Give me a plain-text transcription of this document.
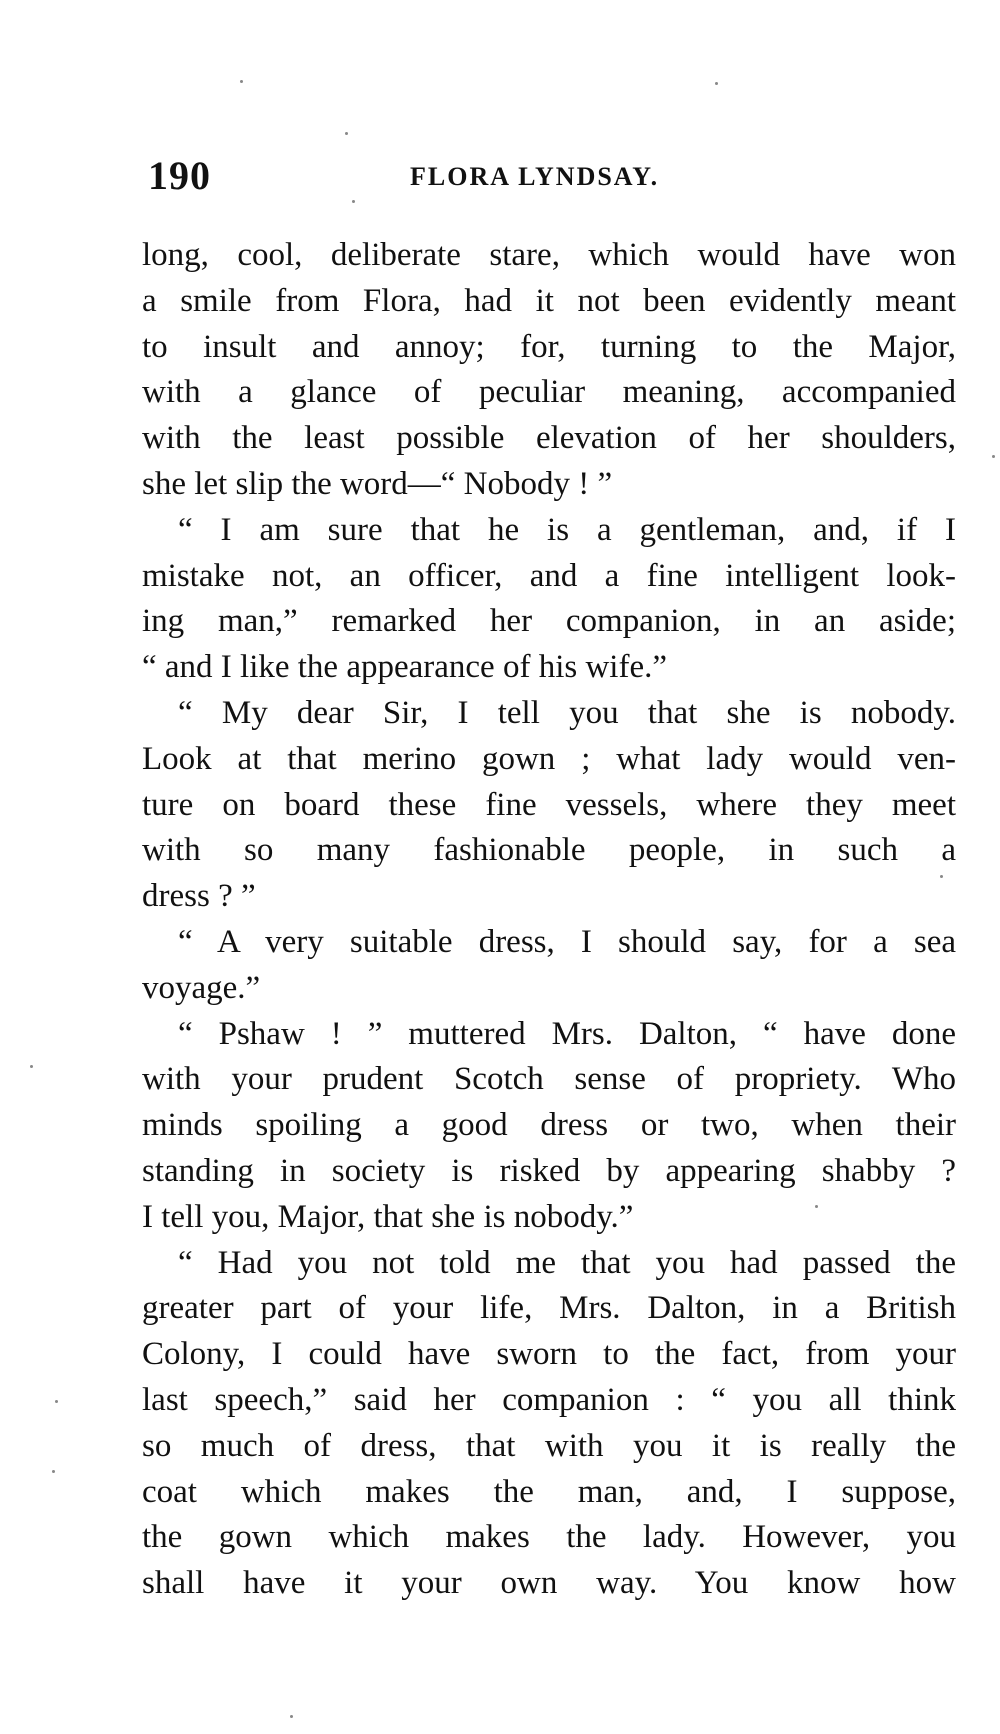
190	FLORA LYNDSAY.
long, cool, deliberate stare, which would have won
a smile from Flora, had it not been evidently meant
to insult and annoy; for, turning to the Major,
with a glance of peculiar meaning, accompanied
with the least possible elevation of her shoulders,
she let slip the word—“ Nobody ! ”
“ I am sure that he is a gentleman, and, if I
mistake not, an officer, and a fine intelligent look-
ing man,” remarked her companion, in an aside;
“ and I like the appearance of his wife.”
“ My dear Sir, I tell you that she is nobody.
Look at that merino gown ; what lady would ven-
ture on board these fine vessels, where they meet
with so many fashionable people, in such a
dress ? ”
“ A very suitable dress, I should say, for a sea
voyage.”
“ Pshaw ! ” muttered Mrs. Dalton, “ have done
with your prudent Scotch sense of propriety. Who
minds spoiling a good dress or two, when their
standing in society is risked by appearing shabby ?
I tell you, Major, that she is nobody.”
“ Had you not told me that you had passed the
greater part of your life, Mrs. Dalton, in a British
Colony, I could have sworn to the fact, from your
last speech,” said her companion : “ you all think
so much of dress, that with you it is really the
coat which makes the man, and, I suppose,
the gown which makes the lady. However, you
shall have it your own way. You know how
